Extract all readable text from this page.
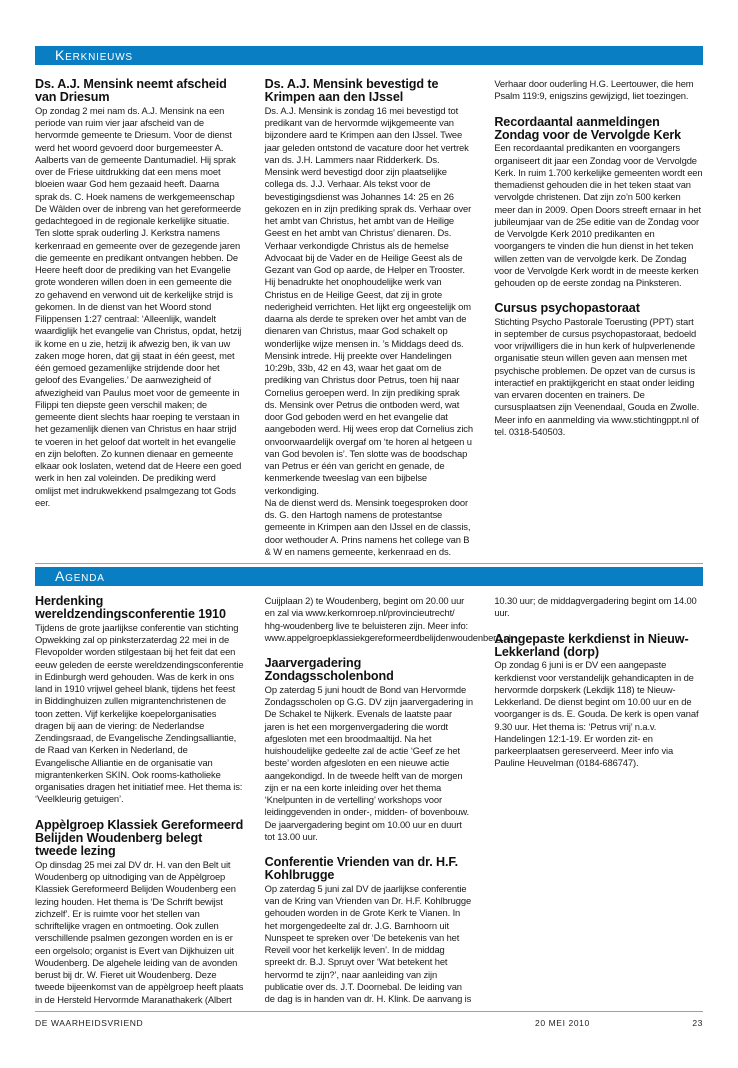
Kerknieuws
Ds. A.J. Mensink neemt afscheid van Driesum

Op zondag 2 mei nam ds. A.J. Mensink na een periode van ruim vier jaar afscheid van de hervormde gemeente te Driesum. Voor de dienst werd het woord gevoerd door burgemeester A. Aalberts van de gemeente Dantumadiel. Hij sprak over de Friese uitdrukking dat een mens moet bloeien waar God hem gezaaid heeft. Daarna sprak ds. C. Hoek namens de werkgemeenschap De Wâlden over de inbreng van het gereformeerde gedachtegoed in de regionale kerkelijke situatie. Ten slotte sprak ouderling J. Kerkstra namens kerkenraad en gemeente over de gezegende jaren die gemeente en predikant ontvangen hebben. De Heere heeft door de prediking van het Evangelie grote wonderen willen doen in een gemeente die zo gehavend en verwond uit de kerkelijke strijd is gekomen. In de dienst van het Woord stond Filippensen 1:27 centraal: ‘Alleenlijk, wandelt waardiglijk het evangelie van Christus, opdat, hetzij ik kome en u zie, hetzij ik afwezig ben, ik van uw zaken moge horen, dat gij staat in één geest, met één gemoed gezamenlijke strijdende door het geloof des Evangelies.’ De aanwezigheid of afwezigheid van Paulus moet voor de gemeente in Filippi ten diepste geen verschil maken; de gemeente dient slechts haar roeping te verstaan in het gezamenlijk dienen van Christus en haar strijd te voeren in het geloof dat wortelt in het evangelie en zijn beloften. Zo kunnen dienaar en gemeente elkaar ook loslaten, wetend dat de Heere een goed werk in hen zal voleinden. De prediking werd omlijst met indrukwekkend psalmgezang tot Gods eer.

Ds. A.J. Mensink bevestigd te Krimpen aan den IJssel

Ds. A.J. Mensink is zondag 16 mei bevestigd tot predikant van de hervormde wijkgemeente van bijzondere aard te Krimpen aan den IJssel. Twee jaar geleden ontstond de vacature door het vertrek van ds. J.H. Lammers naar Ridderkerk. Ds. Mensink werd bevestigd door zijn plaatselijke collega ds. J.J. Verhaar. Als tekst voor de bevestigingsdienst was Johannes 14: 25 en 26 gekozen en in zijn prediking sprak ds. Verhaar over het ambt van Christus, het ambt van de Heilige Geest en het ambt van Christus’ dienaren. Ds. Verhaar verkondigde Christus als de hemelse Advocaat bij de Vader en de Heilige Geest als de Gezant van God op aarde, de Helper en Trooster. Hij benadrukte het onophoudelijke werk van Christus en de Heilige Geest, dat zij in grote nederigheid verrichten. Het lijkt erg ongeestelijk om daarna als derde te spreken over het ambt van de dienaren van Christus, maar God schakelt op wonderlijke wijze mensen in. ’s Middags deed ds. Mensink intrede. Hij preekte over Handelingen 10:29b, 33b, 42 en 43, waar het gaat om de prediking van Christus door Petrus, toen hij naar Cornelius geroepen werd. In zijn prediking sprak ds. Mensink over Petrus die ontboden werd, wat door God geboden werd en het evangelie dat aangeboden werd. Hij wees erop dat Cornelius zich onvoorwaardelijk overgaf om ‘te horen al hetgeen u van God bevolen is’. Ten slotte was de boodschap van Petrus er één van gericht en genade, de kenmerkende tweeslag van een bijbelse verkondiging.

Na de dienst werd ds. Mensink toegesproken door ds. G. den Hartogh namens de protestantse gemeente in Krimpen aan den IJssel en de classis, door wethouder A. Prins namens het college van B & W en namens gemeente, kerkenraad en ds. Verhaar door ouderling H.G. Leertouwer, die hem Psalm 119:9, enigszins gewijzigd, liet toezingen.

Recordaantal aanmeldingen Zondag voor de Vervolgde Kerk

Een recordaantal predikanten en voorgangers organiseert dit jaar een Zondag voor de Vervolgde Kerk. In ruim 1.700 kerkelijke gemeenten wordt een themadienst gehouden die in het teken staat van vervolgde christenen. Dat zijn zo’n 500 kerken meer dan in 2009. Open Doors streeft ernaar in het jubileumjaar van de 25e editie van de Zondag voor de Vervolgde Kerk 2010 predikanten en voorgangers te vinden die hun dienst in het teken willen zetten van de vervolgde kerk. De Zondag voor de Vervolgde Kerk wordt in de meeste kerken gehouden op de eerste zondag na Pinksteren.

Cursus psychopastoraat

Stichting Psycho Pastorale Toerusting (PPT) start in september de cursus psychopastoraat, bedoeld voor vrijwilligers die in hun kerk of hulpverlenende organisatie steun willen geven aan mensen met psychische problemen. De opzet van de cursus is interactief en praktijkgericht en staat onder leiding van ervaren docenten en trainers. De cursusplaatsen zijn Veenendaal, Gouda en Zwolle. Meer info en aanmelding via www.stichtingppt.nl of tel. 0318-540503.

Agenda
Herdenking wereldzendingsconferentie 1910

Tijdens de grote jaarlijkse conferentie van stichting Opwekking zal op pinksterzaterdag 22 mei in de Flevopolder worden stilgestaan bij het feit dat een eeuw geleden de eerste wereldzendingsconferentie in Edinburgh werd gehouden. Was de kerk in ons land in 1910 vrijwel geheel blank, tijdens het feest in Biddinghuizen zullen migrantenchristenen de toon zetten. Vijf kerkelijke koepelorganisaties dragen bij aan de viering: de Nederlandse Zendingsraad, de Evangelische Zendingsalliantie, de Raad van Kerken in Nederland, de Evangelische Alliantie en de organisatie van migrantenkerken SKIN. Ook rooms-katholieke organisaties dragen het initiatief mee. Het thema is: ‘Veelkleurig getuigen’.

Appèlgroep Klassiek Gereformeerd Belijden Woudenberg belegt tweede lezing

Op dinsdag 25 mei zal DV dr. H. van den Belt uit Woudenberg op uitnodiging van de Appèlgroep Klassiek Gereformeerd Belijden Woudenberg een lezing houden. Het thema is ‘De Schrift bewijst zichzelf’. Er is ruimte voor het stellen van schriftelijke vragen en ontmoeting. Ook zullen verschillende psalmen gezongen worden en is er een orgelsolo; organist is Evert van Dijkhuizen uit Woudenberg. De algehele leiding van de avonden berust bij dr. W. Fieret uit Woudenberg. Deze tweede bijeenkomst van de appèlgroep heeft plaats in de Hersteld Hervormde Maranathakerk (Albert Cuijplaan 2) te Woudenberg, begint om 20.00 uur en zal via www.kerkomroep.nl/provincieutrecht/ hhg-woudenberg live te beluisteren zijn. Meer info: www.appelgroepklassiekgereformeerdbelijdenwoudenberg.nl.

Jaarvergadering Zondagsscholenbond

Op zaterdag 5 juni houdt de Bond van Hervormde Zondagsscholen op G.G. DV zijn jaarvergadering in De Schakel te Nijkerk. Evenals de laatste paar jaren is het een morgenvergadering die wordt afgesloten met een broodmaaltijd. Na het huishoudelijke gedeelte zal de actie ‘Geef ze het beste’ worden afgesloten en een nieuwe actie aangekondigd. In de tweede helft van de morgen zijn er na een korte inleiding over het thema ‘Knelpunten in de vertelling’ workshops voor leidinggevenden in onder-, midden- of bovenbouw. De jaarvergadering begint om 10.00 uur en duurt tot 13.00 uur.

Conferentie Vrienden van dr. H.F. Kohlbrugge

Op zaterdag 5 juni zal DV de jaarlijkse conferentie van de Kring van Vrienden van Dr. H.F. Kohlbrugge gehouden worden in de Grote Kerk te Vianen. In het morgengedeelte zal dr. J.G. Barnhoorn uit Nunspeet te spreken over ‘De betekenis van het Reveil voor het kerkelijk leven’. In de middag spreekt dr. B.J. Spruyt over ‘Wat betekent het hervormd te zijn?’, naar aanleiding van zijn publicatie over ds. J.T. Doornebal. De leiding van de dag is in handen van dr. H. Klink. De aanvang is 10.30 uur; de middagvergadering begint om 14.00 uur.

Aangepaste kerkdienst in Nieuw-Lekkerland (dorp)

Op zondag 6 juni is er DV een aangepaste kerkdienst voor verstandelijk gehandicapten in de hervormde dorpskerk (Lekdijk 118) te Nieuw-Lekkerland. De dienst begint om 10.00 uur en de voorganger is ds. E. Gouda. De kerk is open vanaf 9.30 uur. Het thema is: ‘Petrus vrij’ n.a.v. Handelingen 12:1-19. Er worden zit- en parkeerplaatsen gereserveerd. Meer info via Pauline Heuvelman (0184-686747).

DE WAARHEIDSVRIEND	20 MEI 2010	23
